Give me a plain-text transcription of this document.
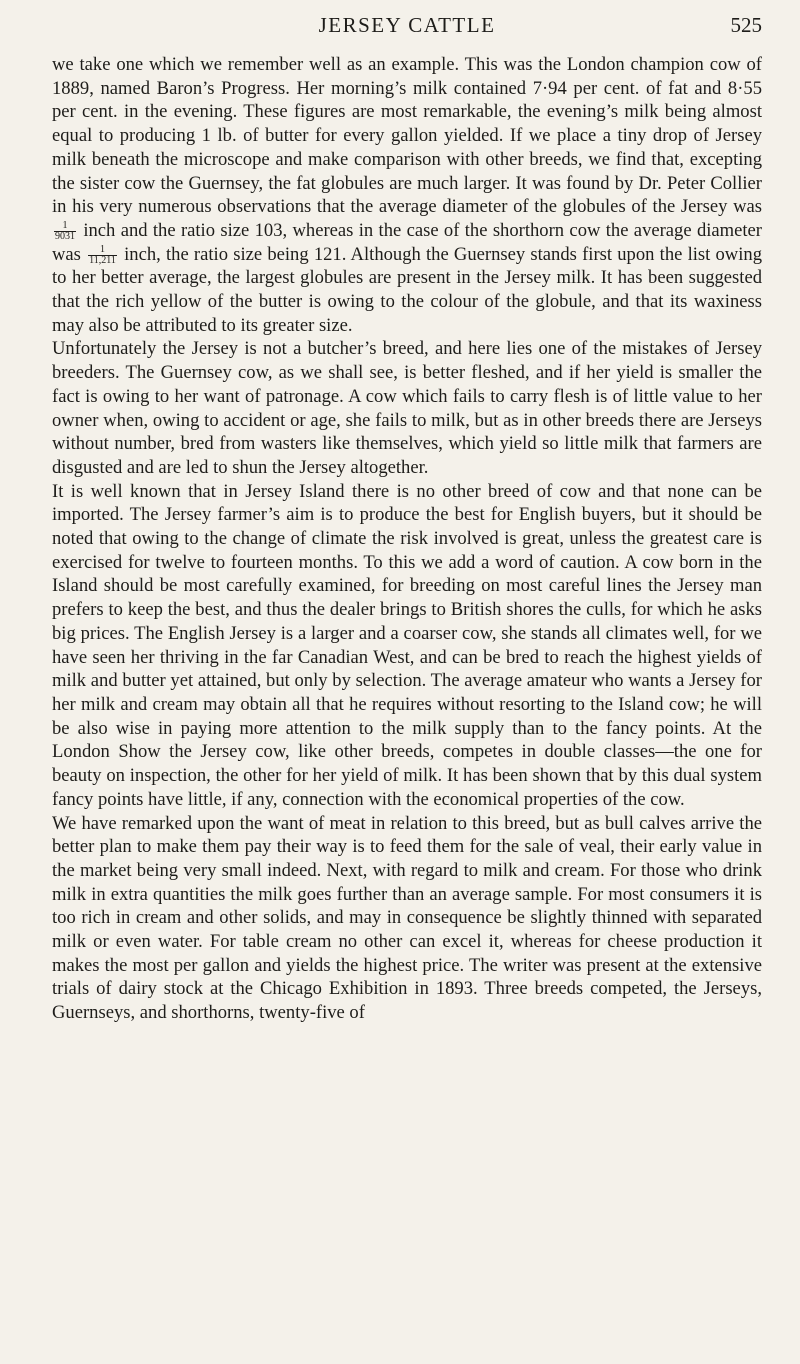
JERSEY CATTLE	525

we take one which we remember well as an example. This was the London champion cow of 1889, named Baron’s Progress. Her morning’s milk contained 7·94 per cent. of fat and 8·55 per cent. in the evening. These figures are most remarkable, the evening’s milk being almost equal to producing 1 lb. of butter for every gallon yielded. If we place a tiny drop of Jersey milk beneath the microscope and make comparison with other breeds, we find that, excepting the sister cow the Guernsey, the fat globules are much larger. It was found by Dr. Peter Collier in his very numerous observations that the average diameter of the globules of the Jersey was
$\frac{1}{9031}$ inch and the ratio size 103, whereas in the case of the shorthorn cow the average diameter was $\frac{1}{11,211}$ inch, the ratio size being 121. Although the Guernsey stands first upon the list owing to her better average, the largest globules are present in the Jersey milk. It has been suggested that the rich yellow of the butter is owing to the colour of the globule, and that its waxiness may also be attributed to its greater size.

Unfortunately the Jersey is not a butcher’s breed, and here lies one of the mistakes of Jersey breeders. The Guernsey cow, as we shall see, is better fleshed, and if her yield is smaller the fact is owing to her want of patronage. A cow which fails to carry flesh is of little value to her owner when, owing to accident or age, she fails to milk, but as in other breeds there are Jerseys without number, bred from wasters like themselves, which yield so little milk that farmers are disgusted and are led to shun the Jersey altogether.

It is well known that in Jersey Island there is no other breed of cow and that none can be imported. The Jersey farmer’s aim is to produce the best for English buyers, but it should be noted that owing to the change of climate the risk involved is great, unless the greatest care is exercised for twelve to fourteen months. To this we add a word of caution. A cow born in the Island should be most carefully examined, for breeding on most careful lines the Jersey man prefers to keep the best, and thus the dealer brings to British shores the culls, for which he asks big prices. The English Jersey is a larger and a coarser cow, she stands all climates well, for we have seen her thriving in the far Canadian West, and can be bred to reach the highest yields of milk and butter yet attained, but only by selection. The average amateur who wants a Jersey for her milk and cream may obtain all that he requires without resorting to the Island cow; he will be also wise in paying more attention to the milk supply than to the fancy points. At the London Show the Jersey cow, like other breeds, competes in double classes—the one for beauty on inspection, the other for her yield of milk. It has been shown that by this dual system fancy points have little, if any, connection with the economical properties of the cow.

We have remarked upon the want of meat in relation to this breed, but as bull calves arrive the better plan to make them pay their way is to feed them for the sale of veal, their early value in the market being very small indeed. Next, with regard to milk and cream. For those who drink milk in extra quantities the milk goes further than an average sample. For most consumers it is too rich in cream and other solids, and may in consequence be slightly thinned with separated milk or even water. For table cream no other can excel it, whereas for cheese production it makes the most per gallon and yields the highest price. The writer was present at the extensive trials of dairy stock at the Chicago Exhibition in 1893. Three breeds competed, the Jerseys, Guernseys, and shorthorns, twenty-five of
